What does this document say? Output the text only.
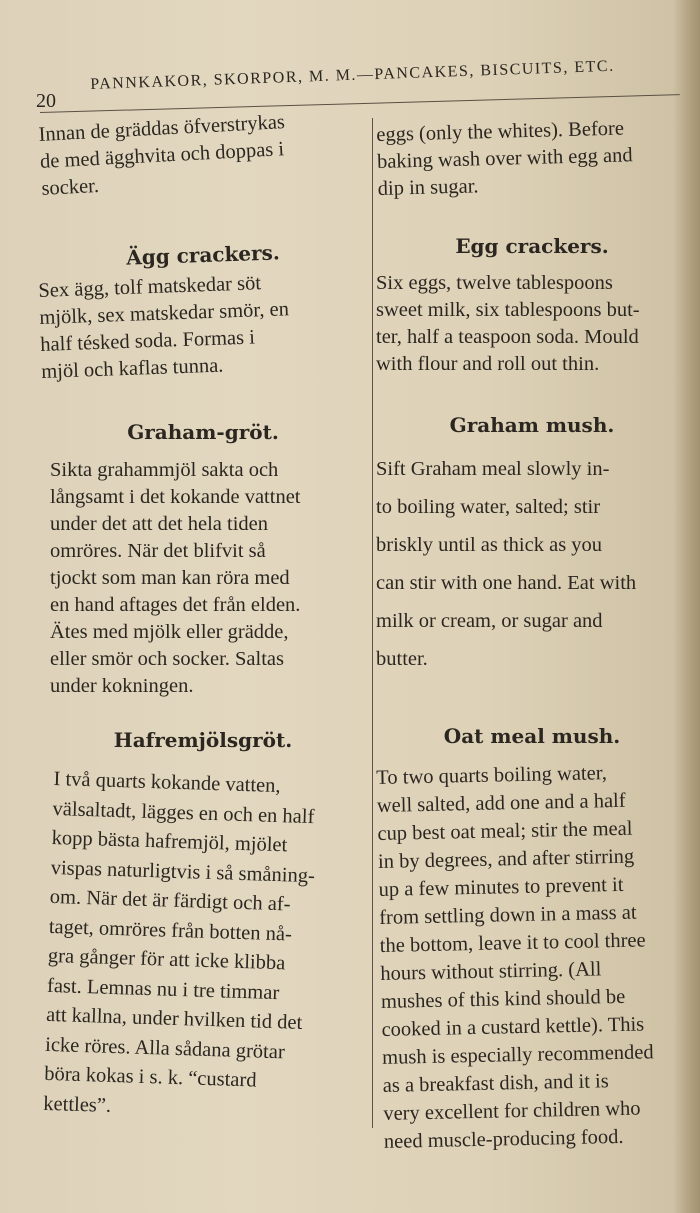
20
PANNKAKOR, SKORPOR, M. M.—PANCAKES, BISCUITS, ETC.

Innan de gräddas öfverstrykas
de med ägghvita och doppas i
socker.

Ägg crackers.

Sex ägg, tolf matskedar söt
mjölk, sex matskedar smör, en
half tésked soda. Formas i
mjöl och kaflas tunna.

Graham-gröt.

Sikta grahammjöl sakta och
långsamt i det kokande vattnet
under det att det hela tiden
omröres. När det blifvit så
tjockt som man kan röra med
en hand aftages det från elden.
Ätes med mjölk eller grädde,
eller smör och socker. Saltas
under kokningen.

Hafremjölsgröt.

I två quarts kokande vatten,
välsaltadt, lägges en och en half
kopp bästa hafremjöl, mjölet
vispas naturligtvis i så småning-
om. När det är färdigt och af-
taget, omröres från botten nå-
gra gånger för att icke klibba
fast. Lemnas nu i tre timmar
att kallna, under hvilken tid det
icke röres. Alla sådana grötar
böra kokas i s. k. “custard
kettles”.

eggs (only the whites). Before
baking wash over with egg and
dip in sugar.

Egg crackers.

Six eggs, twelve tablespoons
sweet milk, six tablespoons but-
ter, half a teaspoon soda. Mould
with flour and roll out thin.

Graham mush.

Sift Graham meal slowly in-
to boiling water, salted; stir
briskly until as thick as you
can stir with one hand. Eat with
milk or cream, or sugar and
butter.

Oat meal mush.

To two quarts boiling water,
well salted, add one and a half
cup best oat meal; stir the meal
in by degrees, and after stirring
up a few minutes to prevent it
from settling down in a mass at
the bottom, leave it to cool three
hours without stirring. (All
mushes of this kind should be
cooked in a custard kettle). This
mush is especially recommended
as a breakfast dish, and it is
very excellent for children who
need muscle-producing food.
